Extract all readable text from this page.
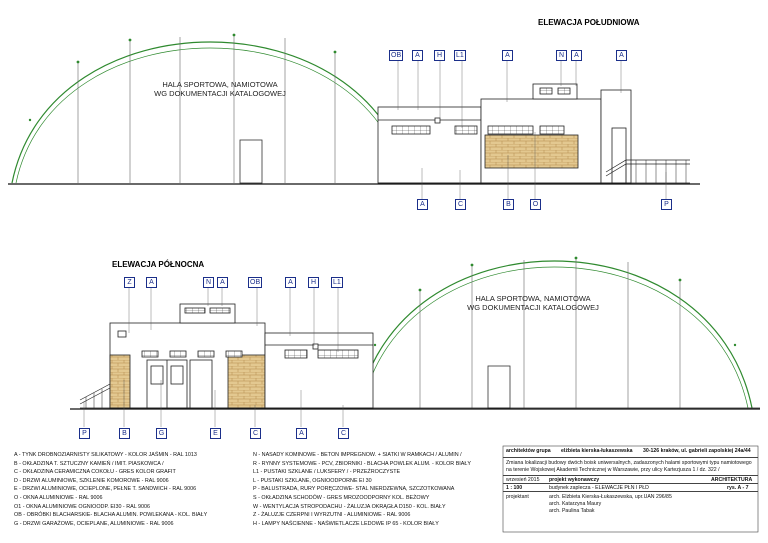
ELEWACJA POŁUDNIOWA
ELEWACJA PÓŁNOCNA
HALA SPORTOWA, NAMIOTOWA
WG DOKUMENTACJI KATALOGOWEJ
HALA SPORTOWA, NAMIOTOWA
WG DOKUMENTACJI KATALOGOWEJ
OB	A	H	L1	A	N	A	A
A	C	B	O	P
Z	A	N	A	OB	A	H	L1
P	B	G	E	C	A	C
A - TYNK DROBNOZIARNISTY SILIKATOWY - KOLOR JAŚMIN - RAL 1013
B - OKŁADZINA T. SZTUCZNY KAMIEŃ / IMIT. PIASKOWCA /
C - OKŁADZINA CERAMICZNA COKOŁU - GRES KOLOR GRAFIT
D - DRZWI ALUMINIOWE, SZKLENIE KOMOROWE - RAL 9006
E - DRZWI ALUMINIOWE, OCIEPLONE, PEŁNE T. SANDWICH - RAL 9006
O - OKNA ALUMINIOWE - RAL 9006
O1 - OKNA ALUMINIOWE OGNIOODP. EI30 - RAL 9006
OB - OBRÓBKI BLACHARSKIE- BLACHA ALUMIN. POWLEKANA - KOL. BIAŁY
G - DRZWI GARAŻOWE, OCIEPLANE, ALUMINIOWE - RAL 9006
N - NASADY KOMINOWE - BETON IMPREGNOW. + SIATKI W RAMKACH / ALUMIN /
R - RYNNY SYSTEMOWE - PCV, ZBIORNIKI - BLACHA POWLEK ALUM. - KOLOR BIAŁY
L1 - PUSTAKI SZKLANE / LUKSFERY / - PRZEŹROCZYSTE
L - PUSTAKI SZKLANE, OGNIOODPORNE EI 30
P - BALUSTRADA, RURY PORĘCZOWE- STAL NIERDZEWNA, SZCZOTKOWANA
S - OKŁADZINA SCHODÓW - GRES MROZOODPORNY KOL. BEŻOWY
W - WENTYLACJA STROPODACHU - ŻALUZJA OKRĄGŁA D150 - KOL. BIAŁY
Z - ŻALUZJE CZERPNI I WYRZUTNI - ALUMINIOWE - RAL 9006
H - LAMPY NAŚCIENNE - NAŚWIETLACZE LEDOWE IP 65 - KOLOR BIAŁY
architektów grupa elżbieta kierska-łukaszewska 30-126 kraków, ul. gabrieli zapolskiej 24a/44
Zmiana lokalizacji budowy dwóch boisk uniwersalnych, zadaszonych halami sportowymi typu namiotowego
na terenie Wojskowej Akademii Technicznej w Warszawie, przy ulicy Kartezjusza 1 / dz. 322 /
wrzesień 2015 projekt wykonawczy	ARCHITEKTURA
1 : 100	budynek zaplecza - ELEWACJE PŁN I PŁD	rys. A - 7
projektant	arch. Elżbieta Kierska-Łukaszewska, upr.UAN 296/85
arch. Katarzyna Maury
arch. Paulina Tabak
